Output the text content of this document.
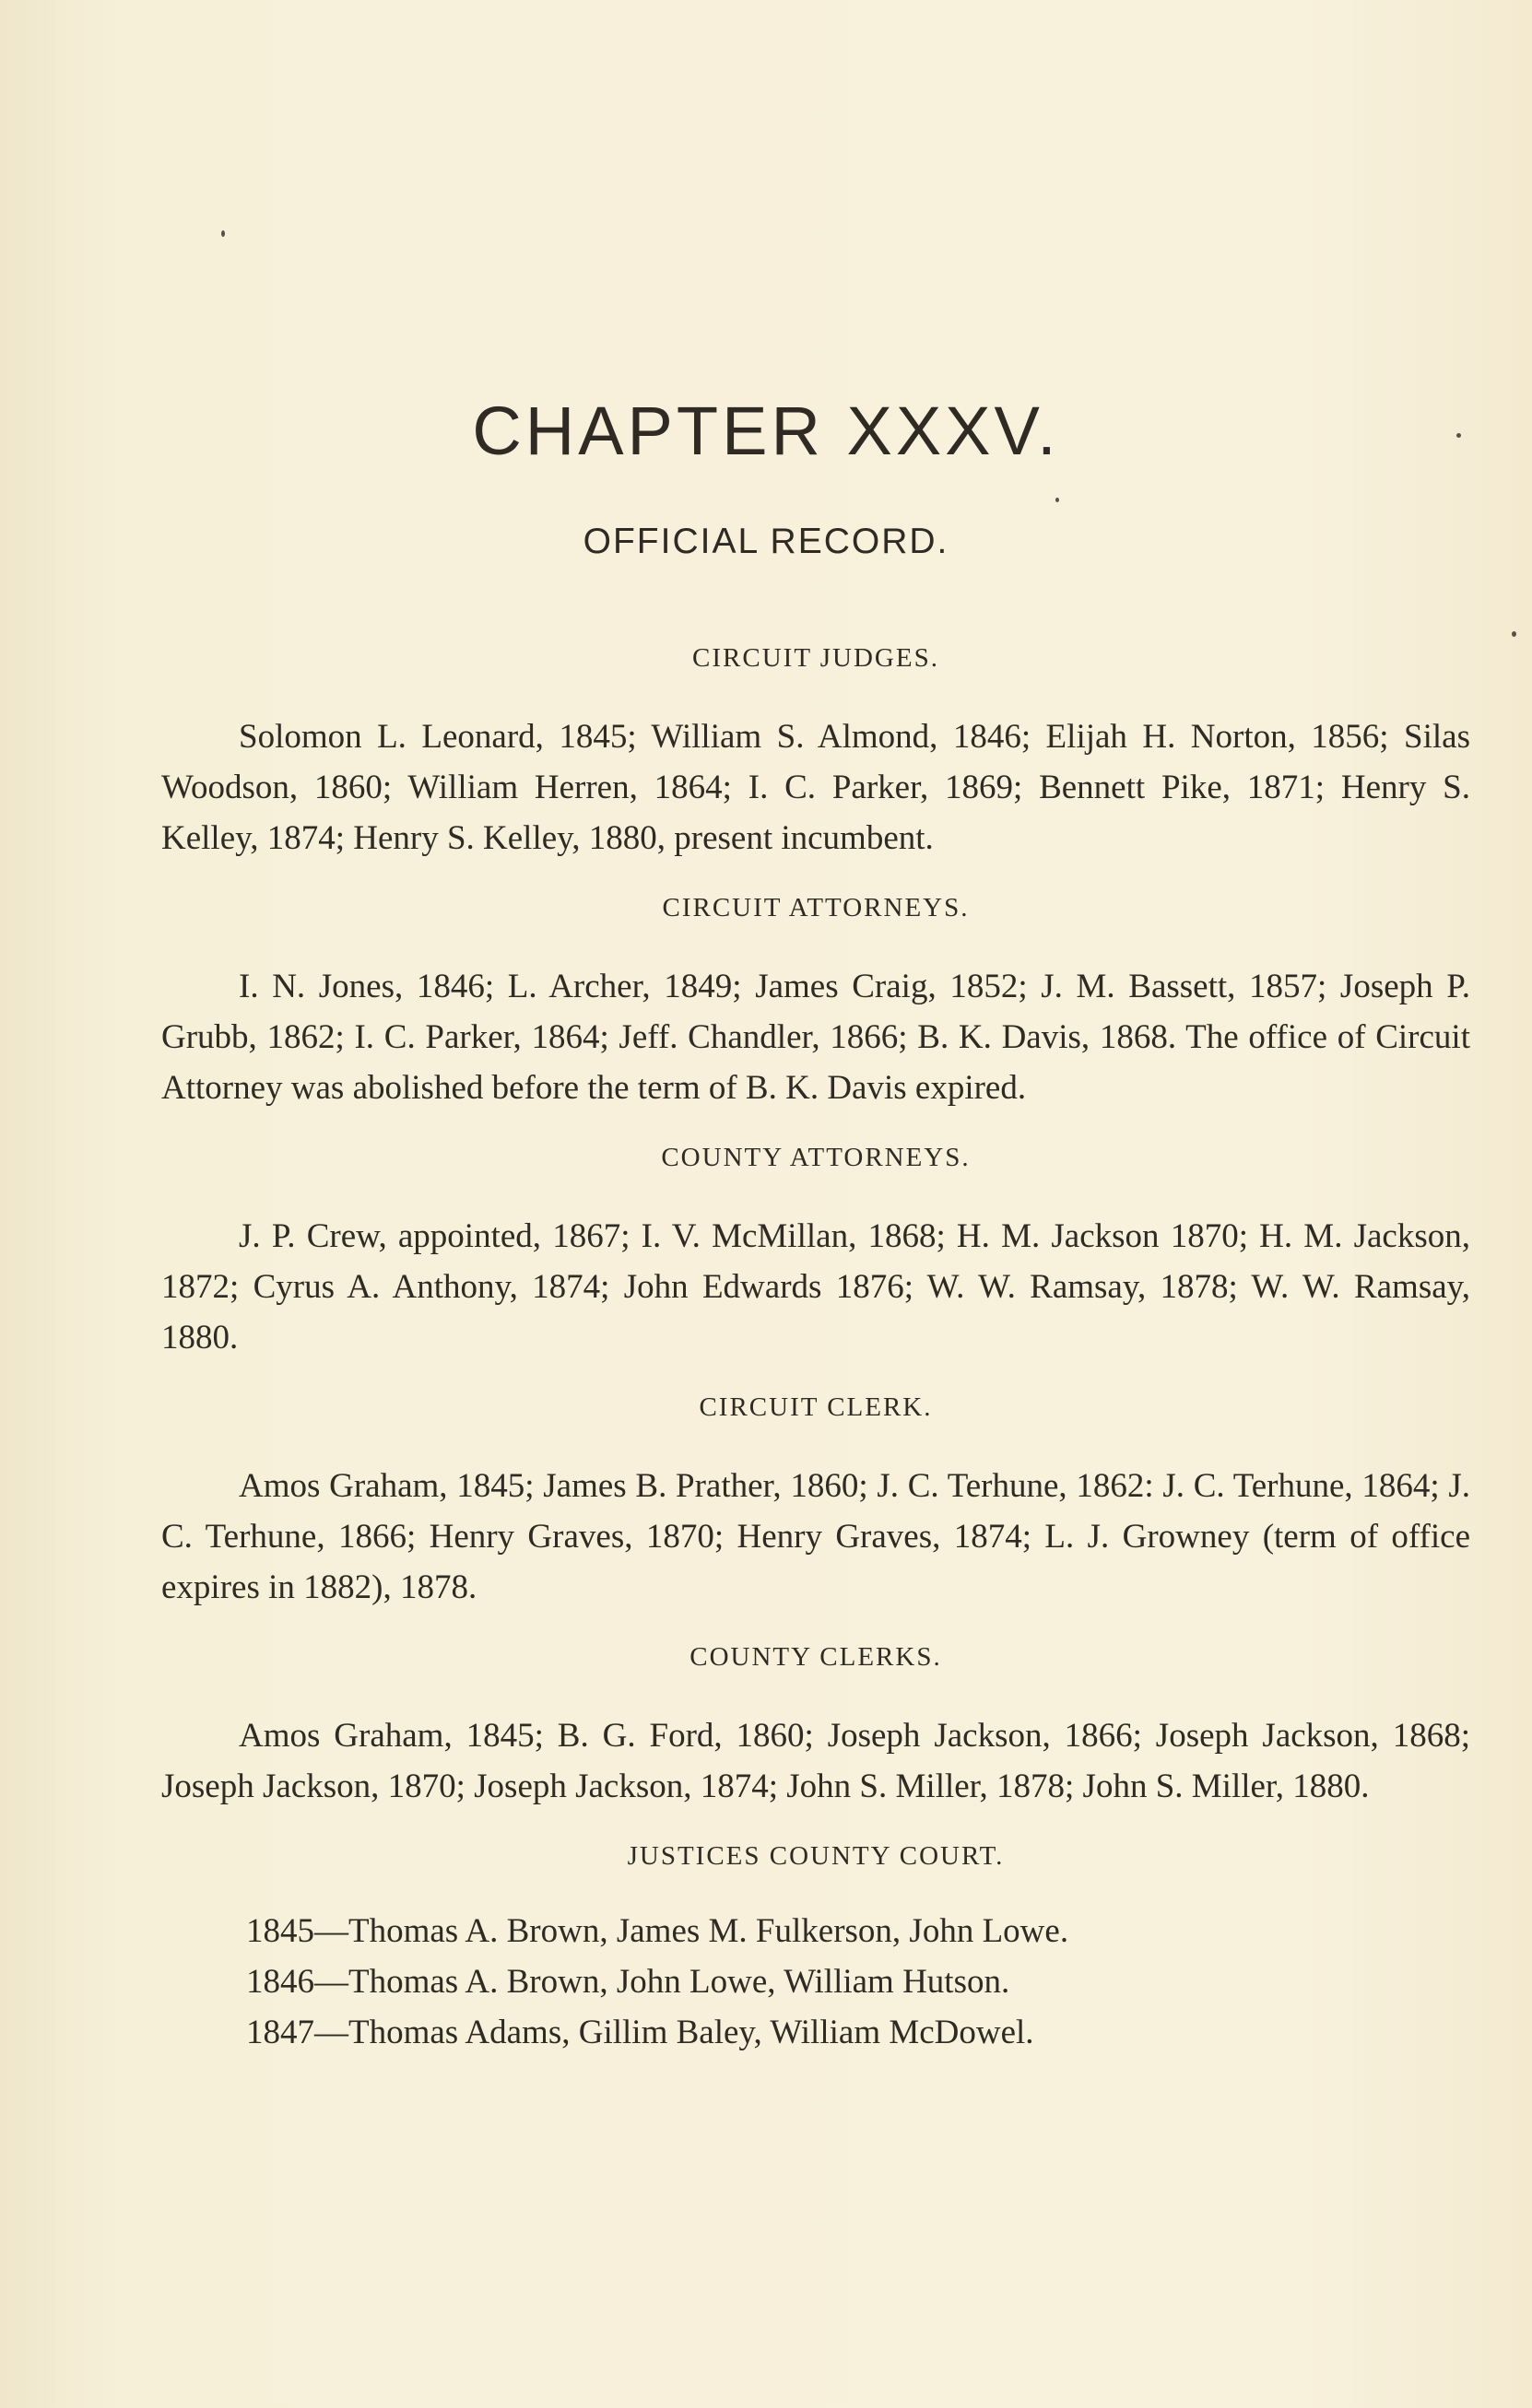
CHAPTER XXXV.
OFFICIAL RECORD.
CIRCUIT JUDGES.

Solomon L. Leonard, 1845; William S. Almond, 1846; Elijah H. Norton, 1856; Silas Woodson, 1860; William Herren, 1864; I. C. Parker, 1869; Bennett Pike, 1871; Henry S. Kelley, 1874; Henry S. Kelley, 1880, present incumbent.

CIRCUIT ATTORNEYS.

I. N. Jones, 1846; L. Archer, 1849; James Craig, 1852; J. M. Bassett, 1857; Joseph P. Grubb, 1862; I. C. Parker, 1864; Jeff. Chandler, 1866; B. K. Davis, 1868. The office of Circuit Attorney was abolished before the term of B. K. Davis expired.

COUNTY ATTORNEYS.

J. P. Crew, appointed, 1867; I. V. McMillan, 1868; H. M. Jackson 1870; H. M. Jackson, 1872; Cyrus A. Anthony, 1874; John Edwards 1876; W. W. Ramsay, 1878; W. W. Ramsay, 1880.

CIRCUIT CLERK.

Amos Graham, 1845; James B. Prather, 1860; J. C. Terhune, 1862: J. C. Terhune, 1864; J. C. Terhune, 1866; Henry Graves, 1870; Henry Graves, 1874; L. J. Growney (term of office expires in 1882), 1878.

COUNTY CLERKS.

Amos Graham, 1845; B. G. Ford, 1860; Joseph Jackson, 1866; Joseph Jackson, 1868; Joseph Jackson, 1870; Joseph Jackson, 1874; John S. Miller, 1878; John S. Miller, 1880.

JUSTICES COUNTY COURT.
1845—Thomas A. Brown, James M. Fulkerson, John Lowe.
1846—Thomas A. Brown, John Lowe, William Hutson.
1847—Thomas Adams, Gillim Baley, William McDowel.
